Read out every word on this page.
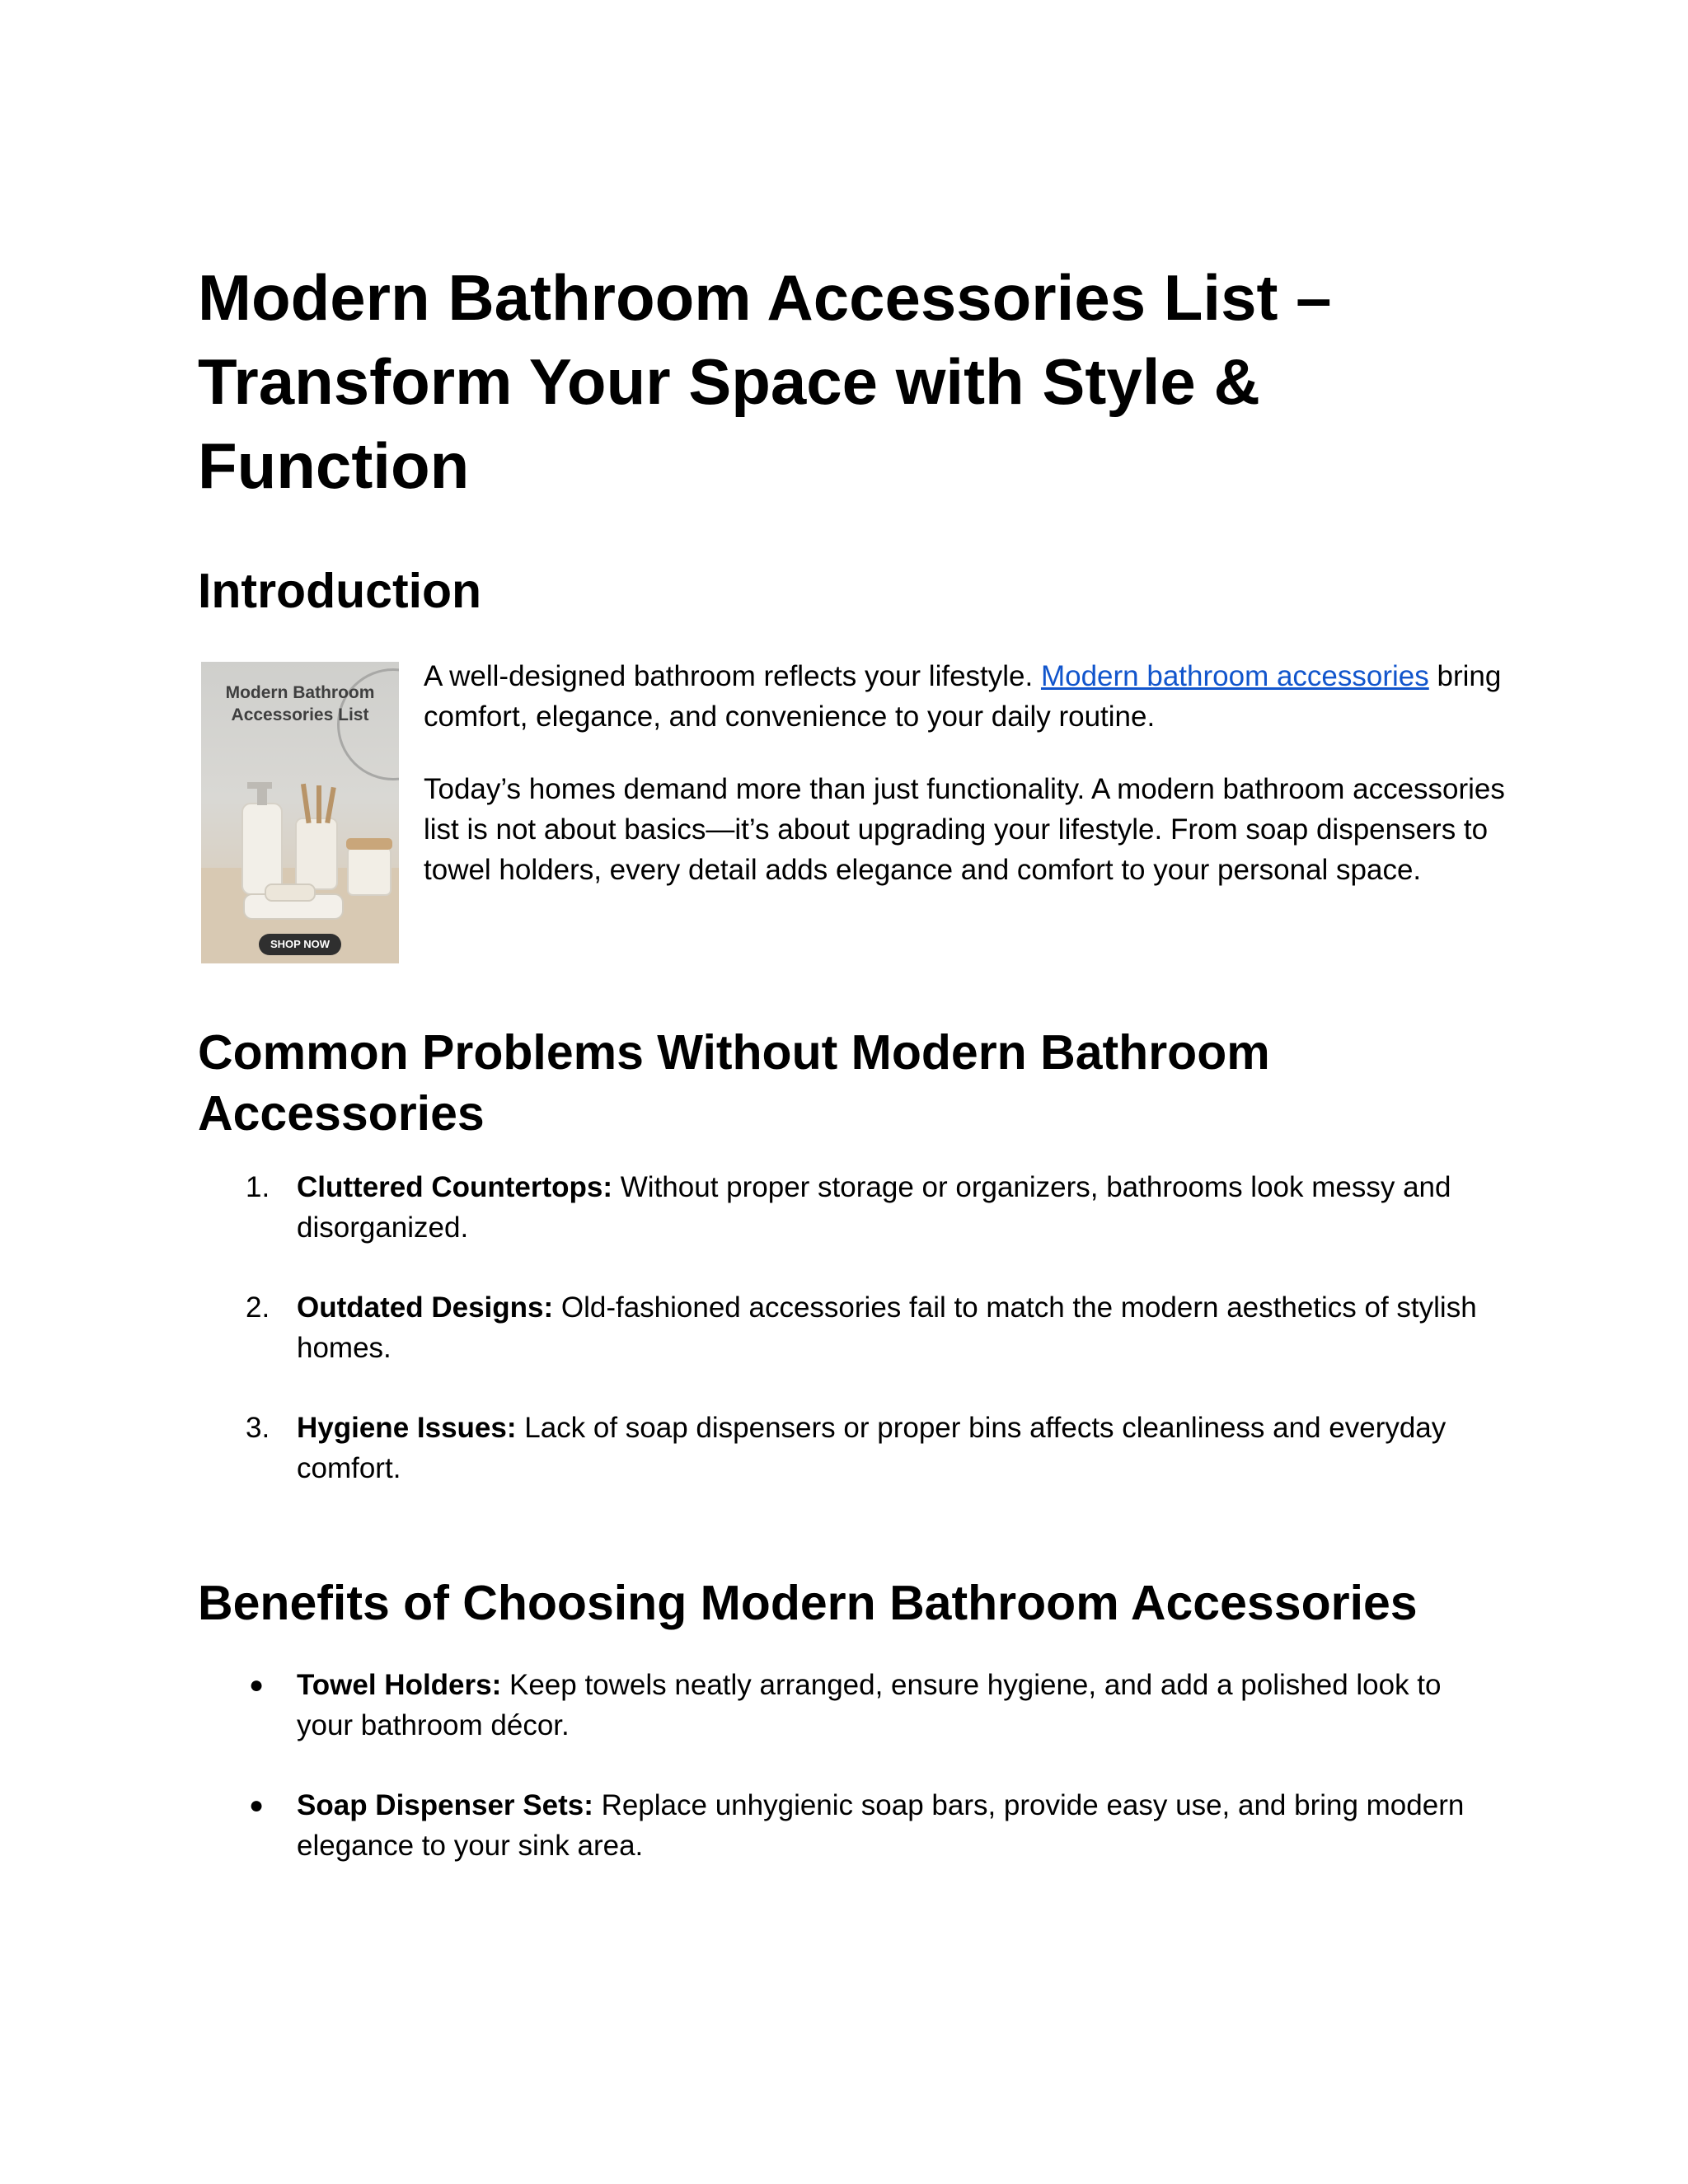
Modern Bathroom Accessories List – Transform Your Space with Style & Function
Introduction
Modern Bathroom
Accessories List
SHOP NOW

A well-designed bathroom reflects your lifestyle. Modern bathroom accessories bring comfort, elegance, and convenience to your daily routine.

Today’s homes demand more than just functionality. A modern bathroom accessories list is not about basics—it’s about upgrading your lifestyle. From soap dispensers to towel holders, every detail adds elegance and comfort to your personal space.

Common Problems Without Modern Bathroom Accessories
1. Cluttered Countertops: Without proper storage or organizers, bathrooms look messy and disorganized.

2. Outdated Designs: Old-fashioned accessories fail to match the modern aesthetics of stylish homes.

3. Hygiene Issues: Lack of soap dispensers or proper bins affects cleanliness and everyday comfort.

Benefits of Choosing Modern Bathroom Accessories
● Towel Holders: Keep towels neatly arranged, ensure hygiene, and add a polished look to your bathroom décor.

● Soap Dispenser Sets: Replace unhygienic soap bars, provide easy use, and bring modern elegance to your sink area.
